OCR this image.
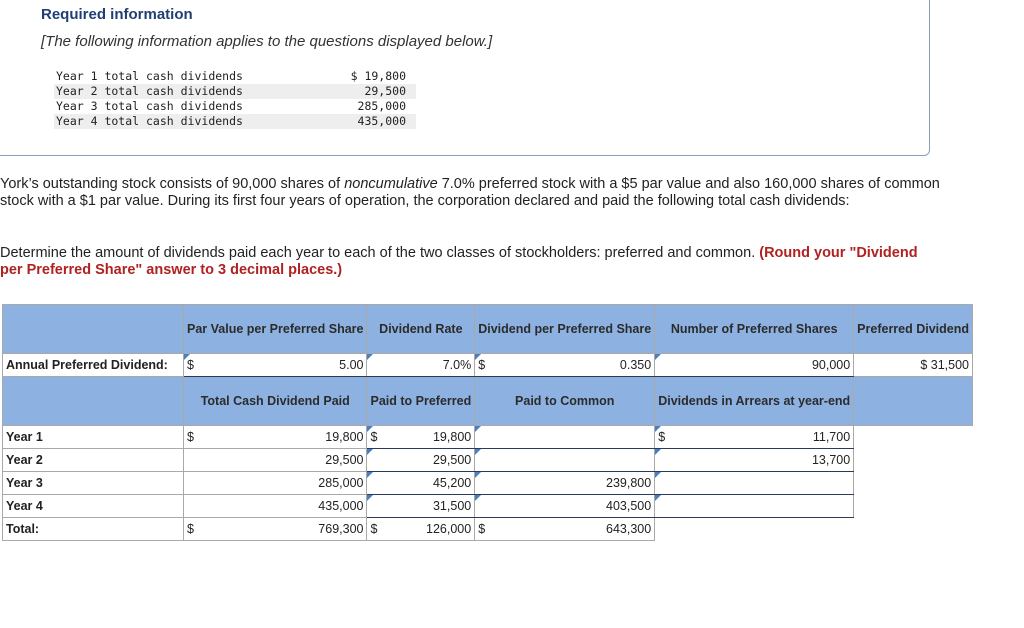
Required information
[The following information applies to the questions displayed below.]
Year 1 total cash dividends	$ 19,800
Year 2 total cash dividends	29,500
Year 3 total cash dividends	285,000
Year 4 total cash dividends	435,000

York’s outstanding stock consists of 90,000 shares of noncumulative 7.0% preferred stock with a $5 par value and also 160,000 shares of common stock with a $1 par value. During its first four years of operation, the corporation declared and paid the following total cash dividends:

Determine the amount of dividends paid each year to each of the two classes of stockholders: preferred and common. (Round your "Dividend per Preferred Share" answer to 3 decimal places.)

	Par Value per Preferred Share	Dividend Rate	Dividend per Preferred Share	Number of Preferred Shares	Preferred Dividend
Annual Preferred Dividend:	$ 5.00	7.0%	$ 0.350	90,000	$ 31,500
	Total Cash Dividend Paid	Paid to Preferred	Paid to Common	Dividends in Arrears at year-end	
Year 1	$ 19,800	$ 19,800		$ 11,700	
Year 2	29,500	29,500		13,700	
Year 3	285,000	45,200	239,800	

Year 4	435,000	31,500	403,500	

Total:	$ 769,300	$ 126,000	$ 643,300		
